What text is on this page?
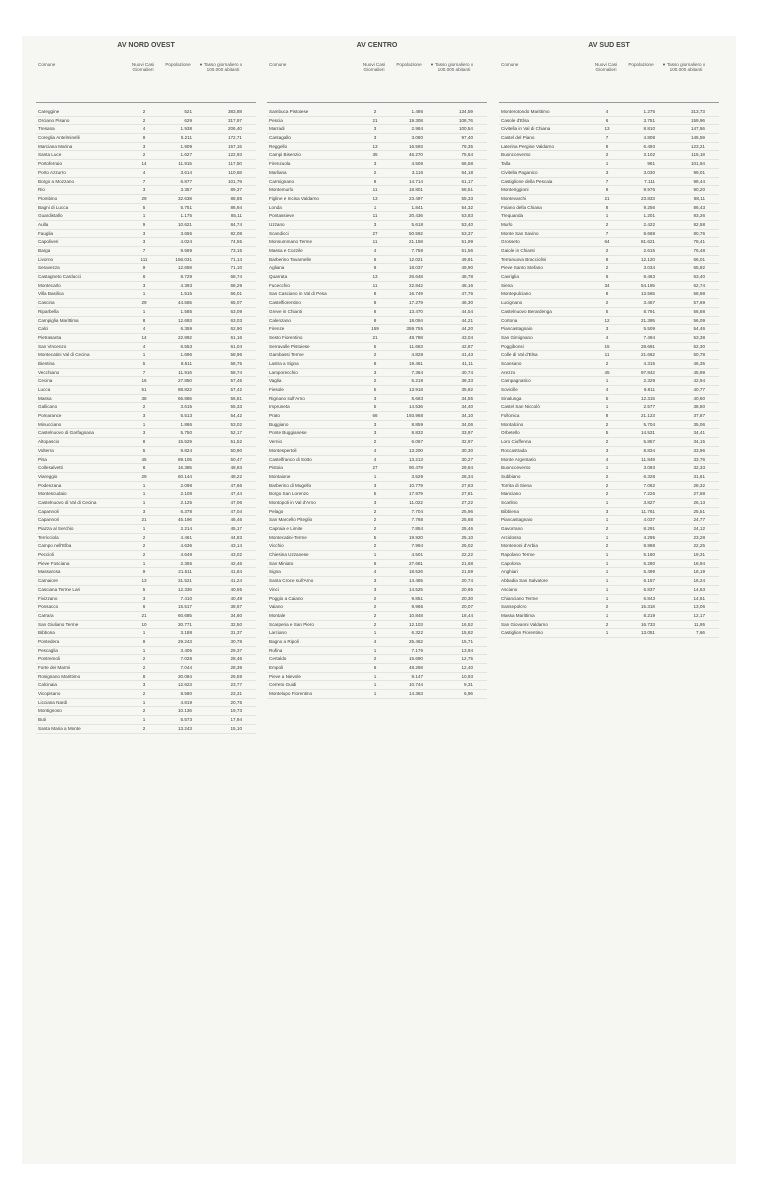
AV NORD OVEST
Comune	Nuovi Casi Giornalieri
Popolazione	Tasso giornaliero x 100.000 abitanti
▼
Careggine	2	521	383,88
Orciano Pisano	2	629	317,97
Tresana	4	1.938	206,40
Coreglia Antelminelli	9	5.211	172,71
Marciana Marina	3	1.909	157,15
Santa Luce	2	1.627	122,93
Portoferraio	14	11.915	117,50
Porto Azzurro	4	3.614	110,68
Borgo a Mozzano	7	6.877	101,79
Rio	3	3.357	89,37
Piombino	29	32.638	88,85
Bagni di Lucca	5	5.751	86,94
Guardistallo	1	1.175	85,11
Aulla	9	10.621	84,74
Fauglia	3	3.655	82,08
Capoliveri	3	4.024	74,55
Barga	7	9.569	73,15
Livorno	111	156.031	71,14
Seravezza	9	12.658	71,10
Castagneto Carducci	6	8.729	68,74
Montecarlo	3	4.393	68,29
Villa Basilica	1	1.515	66,01
Cascina	29	44.565	65,07
Riparbella	1	1.585	63,09
Campiglia Marittima	8	12.693	63,03
Calci	4	6.359	62,90
Pietrasanta	14	22.892	61,16
San Vincenzo	4	6.553	61,04
Montecatini Val di Cecina	1	1.696	58,96
Bientina	5	8.511	58,75
Vecchiano	7	11.916	58,74
Cecina	16	27.850	57,45
Lucca	51	88.822	57,42
Massa	38	66.886	56,81
Gallicano	2	3.615	55,33
Pomarance	3	5.513	54,42
Minucciano	1	1.886	53,02
Castelnuovo di Garfagnana	3	5.750	52,17
Altopascio	8	15.529	51,52
Volterra	5	9.824	50,90
Pisa	45	89.105	50,47
Collesalvetti	8	16.385	48,83
Viareggio	29	60.144	48,22
Podenzana	1	2.098	47,66
Montescudaio	1	2.108	47,44
Castelnuovo di Val di Cecina	1	2.125	47,06
Capannoli	3	6.378	47,04
Capannori	21	45.196	46,46
Piazza al Serchio	1	2.214	45,17
Terricciola	2	4.461	44,83
Campo nell'Elba	2	4.636	43,14
Peccioli	2	4.649	43,02
Pieve Fosciana	1	2.355	42,46
Massarosa	9	21.511	41,84
Camaiore	13	31.521	41,24
Casciana Terme Lari	5	12.336	40,55
Fivizzano	3	7.410	40,49
Ponsacco	6	15.517	38,67
Carrara	21	60.685	34,60
San Giuliano Terme	10	30.771	32,50
Bibbona	1	3.188	31,37
Pontedera	9	29.243	30,78
Pescaglia	1	3.405	29,37
Pontremoli	2	7.028	28,46
Forte dei Marmi	2	7.044	28,39
Rosignano Marittimo	8	30.084	26,59
Calcinaia	3	12.623	23,77
Vicopisano	2	8.580	23,31
Licciana Nardi	1	4.819	20,75
Montignoso	2	10.136	19,73
Buti	1	5.573	17,94
Santa Maria a Monte	2	13.243	15,10
AV CENTRO
Comune	Nuovi Casi Giornalieri
Popolazione	Tasso giornaliero x 100.000 abitanti
▼
Sambuca Pistoiese	2	1.486	134,59
Pescia	21	19.308	108,76
Marradi	3	2.984	100,54
Cantagallo	3	3.080	97,40
Reggello	13	16.593	78,35
Campi Bisenzio	35	46.270	75,64
Firenzuola	3	4.506	66,58
Marliana	2	3.116	64,18
Carmignano	9	14.714	61,17
Montemurlo	11	18.801	58,51
Figline e Incisa Valdarno	13	23.497	55,33
Londa	1	1.841	54,32
Pontassieve	11	20.436	53,83
Uzzano	3	5.618	53,40
Scandicci	27	50.592	53,37
Monsummano Terme	11	21.158	51,99
Massa e Cozzile	4	7.758	51,56
Barberino Tavarnelle	6	12.021	49,91
Agliana	9	18.037	49,90
Quarrata	13	26.648	48,78
Fucecchio	11	22.842	48,16
San Casciano in Val di Pesa	8	16.749	47,76
Castelfiorentino	8	17.279	46,30
Greve in Chianti	6	13.470	44,54
Calenzano	8	18.094	44,21
Firenze	159	359.755	44,20
Sesto Fiorentino	21	48.788	43,04
Serravalle Pistoiese	5	11.663	42,87
Gambassi Terme	2	4.828	41,43
Lastra a Signa	8	19.461	41,11
Lamporecchio	3	7.364	40,74
Vaglia	2	5.218	38,33
Fiesole	5	13.918	35,92
Rignano sull'Arno	3	8.683	34,55
Impruneta	5	14.536	34,40
Prato	66	193.968	34,10
Buggiano	3	8.859	34,06
Ponte Buggianese	3	8.832	33,97
Vernio	2	6.067	32,97
Montespertoli	4	13.200	30,30
Castelfranco di Sotto	4	13.213	30,27
Pistoia	27	90.479	29,84
Montaione	1	3.529	28,34
Barberino di Mugello	3	10.779	27,83
Borgo San Lorenzo	5	17.979	27,81
Montopoli in Val d'Arno	3	11.022	27,22
Pelago	2	7.704	25,96
San Marcello Piteglio	2	7.788	25,68
Capraia e Limite	2	7.854	25,46
Montecatini-Terme	5	19.920	25,10
Vicchio	2	7.994	25,02
Chiesina Uzzanese	1	4.501	22,22
San Miniato	6	27.681	21,68
Signa	4	18.526	21,59
Santa Croce sull'Arno	3	14.465	20,74
Vinci	3	14.525	20,65
Poggio a Caiano	2	9.851	20,30
Vaiano	2	9.966	20,07
Montale	2	10.848	18,44
Scarperia e San Piero	2	12.103	16,52
Larciano	1	6.322	15,82
Bagno a Ripoli	4	25.462	15,71
Rufina	1	7.176	13,94
Certaldo	2	15.690	12,75
Empoli	6	48.268	12,40
Pieve a Nievole	1	9.147	10,93
Cerreto Guidi	1	10.744	9,31
Montelupo Fiorentino	1	14.363	6,96
AV SUD EST
Comune	Nuovi Casi Giornalieri
Popolazione	Tasso giornaliero x 100.000 abitanti
▼
Monterotondo Marittimo	4	1.275	313,73
Casole d'Elsa	6	3.751	159,96
Civitella in Val di Chiana	13	8.810	147,56
Castel del Piano	7	4.808	145,59
Laterina Pergine Valdarno	8	6.493	123,21
Buonconvento	2	3.102	116,18
Talla	1	981	101,94
Civitella Paganico	3	3.030	99,01
Castiglione della Pescaia	7	7.111	98,44
Monteriggioni	9	9.976	90,20
Montevarchi	21	23.833	88,11
Foiano della Chiana	8	9.256	86,43
Trequanda	1	1.201	83,26
Murlo	2	2.422	82,58
Monte San Savino	7	8.668	80,76
Grosseto	64	81.621	78,41
Gaiole in Chianti	2	2.615	76,48
Terranuova Bracciolini	8	12.120	66,01
Pieve Santo Stefano	2	3.034	65,92
Cavriglia	6	9.463	63,40
Siena	34	54.195	62,74
Montepulciano	8	13.565	58,98
Lucignano	2	3.467	57,69
Castelnuovo Berardenga	5	8.791	56,88
Cortona	12	21.395	56,09
Piancastagnaio	3	5.509	54,46
San Gimignano	4	7.494	53,38
Poggibonsi	15	28.691	52,30
Colle di Val d'Elsa	11	21.662	50,78
Scansano	2	4.315	46,35
Arezzo	45	97.842	45,99
Campagnatico	1	2.329	42,94
Sovicille	4	9.811	40,77
Sinalunga	5	12.315	40,60
Castel San Niccolò	1	2.577	38,80
Follonica	8	21.123	37,87
Montalcino	2	5.704	35,06
Orbetello	5	14.531	34,41
Loro Ciuffenna	2	5.857	34,15
Roccastrada	3	8.834	33,96
Monte Argentario	4	11.849	33,76
Buonconvento	1	3.093	32,33
Subbiano	2	6.328	31,61
Torrita di Siena	2	7.062	28,32
Manciano	2	7.226	27,68
Scarlino	1	3.827	26,13
Bibbiena	3	11.761	25,51
Piancastagnaio	1	4.037	24,77
Gavorrano	2	8.291	24,12
Arcidosso	1	4.295	23,28
Montenoni d'Arbia	2	8.988	22,25
Rapolano Terme	1	5.180	19,31
Capolona	1	5.280	18,94
Anghiari	1	5.499	18,19
Abbadia San Salvatore	1	6.157	16,24
Asciano	1	6.837	14,63
Chianciano Terme	1	6.843	14,61
Sansepolcro	2	15.318	13,06
Massa Marittima	1	8.219	12,17
San Giovanni Valdarno	2	16.733	11,95
Castiglion Fiorentino	1	13.051	7,66
